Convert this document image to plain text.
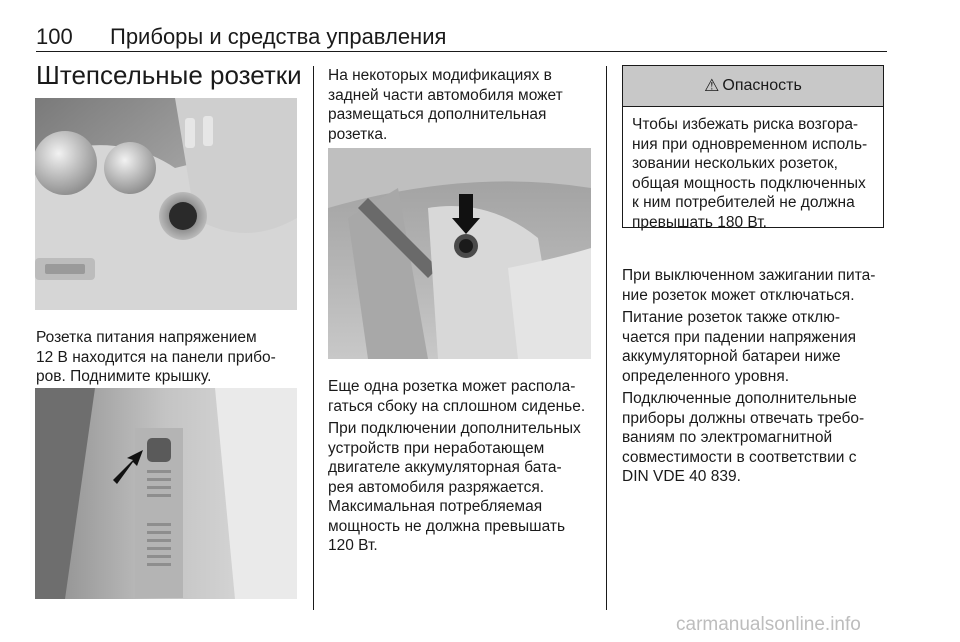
100 Приборы и средства управления
Штепсельные розетки

Розетка питания напряжением
12 В находится на панели прибо-
ров. Поднимите крышку.

На некоторых модификациях в
задней части автомобиля может
размещаться дополнительная
розетка.

Еще одна розетка может распола-
гаться сбоку на сплошном сиденье.

При подключении дополнительных
устройств при неработающем
двигателе аккумуляторная бата-
рея автомобиля разряжается.
Максимальная потребляемая
мощность не должна превышать
120 Вт.

⚠ Опасность

Чтобы избежать риска возгора-
ния при одновременном исполь-
зовании нескольких розеток,
общая мощность подключенных
к ним потребителей не должна
превышать 180 Вт.

При выключенном зажигании пита-
ние розеток может отключаться.

Питание розеток также отклю-
чается при падении напряжения
аккумуляторной батареи ниже
определенного уровня.

Подключенные дополнительные
приборы должны отвечать требо-
ваниям по электромагнитной
совместимости в соответствии с
DIN VDE 40 839.

carmanualsonline.info
